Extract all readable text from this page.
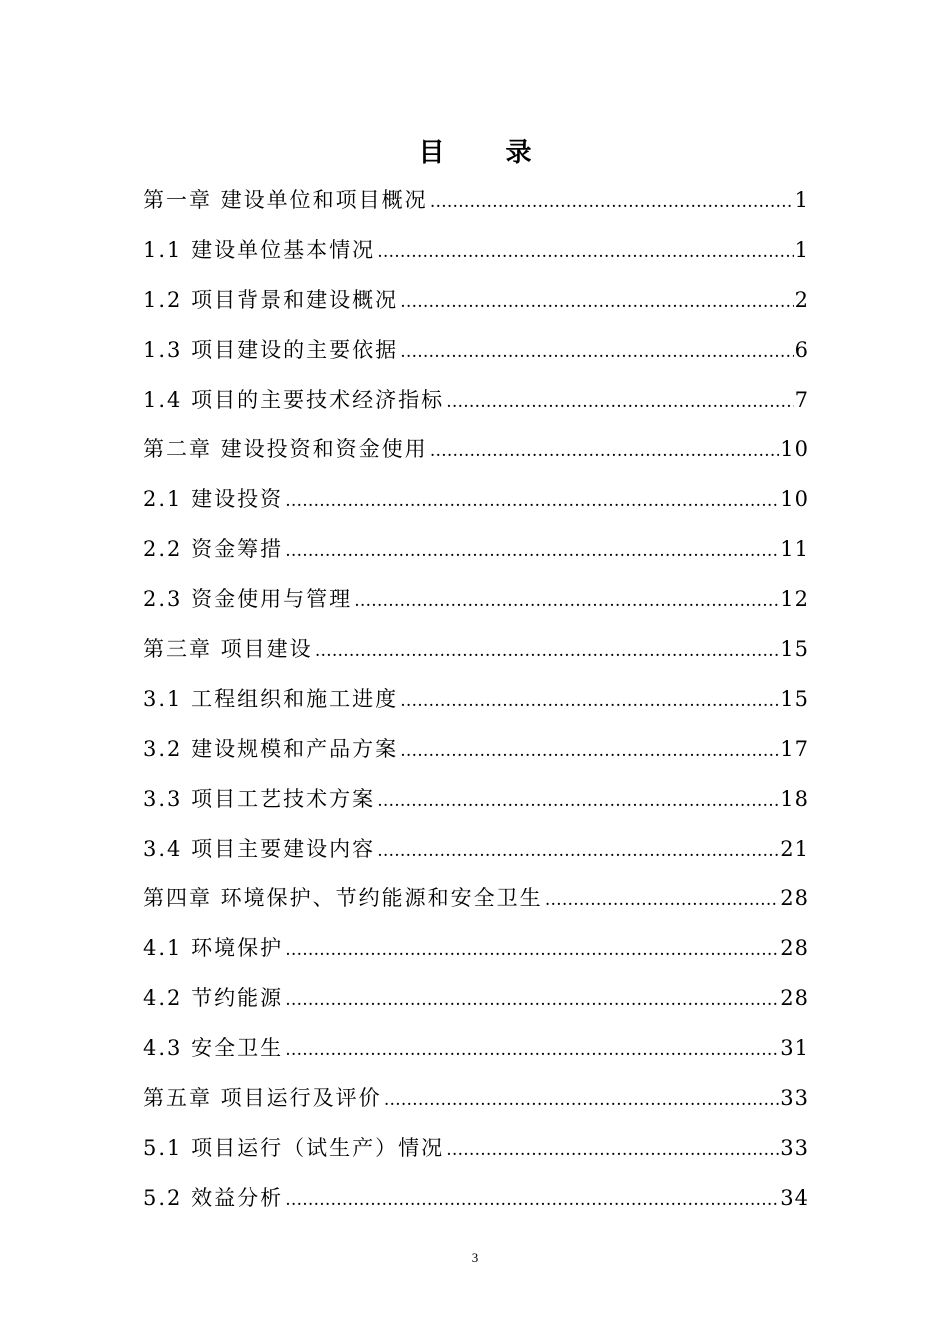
目 录
第一章 建设单位和项目概况 ………………………………………………………………………………………………………………………………………………	1
1.1 建设单位基本情况 ………………………………………………………………………………………………………………………………………………	1
1.2 项目背景和建设概况 ………………………………………………………………………………………………………………………………………………	2
1.3 项目建设的主要依据 ………………………………………………………………………………………………………………………………………………	6
1.4 项目的主要技术经济指标 ………………………………………………………………………………………………………………………………………………	7
第二章 建设投资和资金使用 ………………………………………………………………………………………………………………………………………………	10
2.1 建设投资 ………………………………………………………………………………………………………………………………………………	10
2.2 资金筹措 ………………………………………………………………………………………………………………………………………………	11
2.3 资金使用与管理 ………………………………………………………………………………………………………………………………………………	12
第三章 项目建设 ………………………………………………………………………………………………………………………………………………	15
3.1 工程组织和施工进度 ………………………………………………………………………………………………………………………………………………	15
3.2 建设规模和产品方案 ………………………………………………………………………………………………………………………………………………	17
3.3 项目工艺技术方案 ………………………………………………………………………………………………………………………………………………	18
3.4 项目主要建设内容 ………………………………………………………………………………………………………………………………………………	21
第四章 环境保护、节约能源和安全卫生 ………………………………………………………………………………………………………………………………………………	28
4.1 环境保护 ………………………………………………………………………………………………………………………………………………	28
4.2 节约能源 ………………………………………………………………………………………………………………………………………………	28
4.3 安全卫生 ………………………………………………………………………………………………………………………………………………	31
第五章 项目运行及评价 ………………………………………………………………………………………………………………………………………………	33
5.1 项目运行（试生产）情况 ………………………………………………………………………………………………………………………………………………	33
5.2 效益分析 ………………………………………………………………………………………………………………………………………………	34
3
